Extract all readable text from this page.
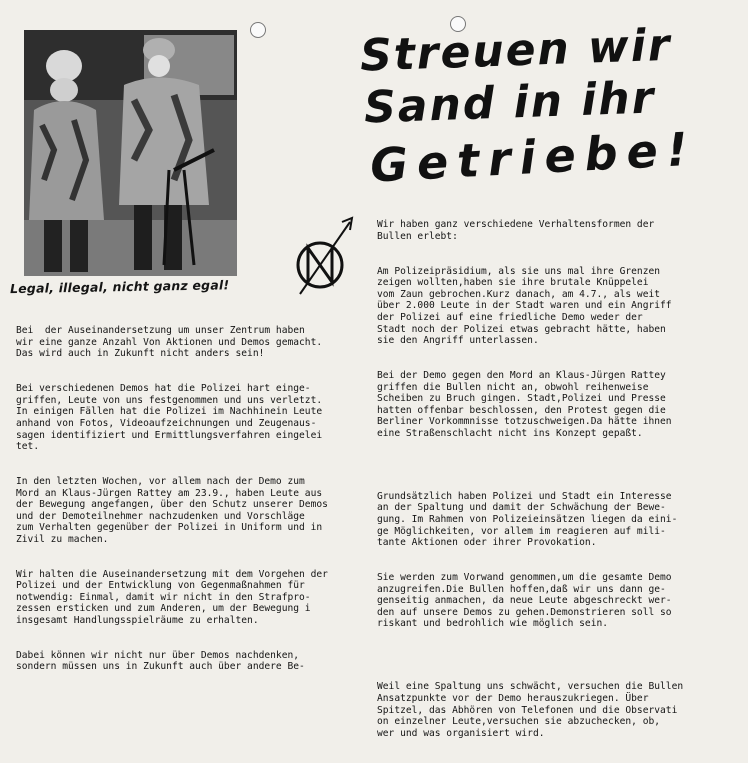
Legal, illegal, nicht ganz egal!
Streuen wir
Sand in ihr
Getriebe!

Bei  der Auseinandersetzung um unser Zentrum haben
wir eine ganze Anzahl Von Aktionen und Demos gemacht.
Das wird auch in Zukunft nicht anders sein!

Bei verschiedenen Demos hat die Polizei hart einge-
griffen, Leute von uns festgenommen und uns verletzt.
In einigen Fällen hat die Polizei im Nachhinein Leute
anhand von Fotos, Videoaufzeichnungen und Zeugenaus-
sagen identifiziert und Ermittlungsverfahren eingelei
tet.

In den letzten Wochen, vor allem nach der Demo zum
Mord an Klaus-Jürgen Rattey am 23.9., haben Leute aus
der Bewegung angefangen, über den Schutz unserer Demos
und der Demoteilnehmer nachzudenken und Vorschläge
zum Verhalten gegenüber der Polizei in Uniform und in
Zivil zu machen.

Wir halten die Auseinandersetzung mit dem Vorgehen der
Polizei und der Entwicklung von Gegenmaßnahmen für
notwendig: Einmal, damit wir nicht in den Strafpro-
zessen ersticken und zum Anderen, um der Bewegung i
insgesamt Handlungsspielräume zu erhalten.

Dabei können wir nicht nur über Demos nachdenken,
sondern müssen uns in Zukunft auch über andere Be-

Wir haben ganz verschiedene Verhaltensformen der
Bullen erlebt:

Am Polizeipräsidium, als sie uns mal ihre Grenzen
zeigen wollten,haben sie ihre brutale Knüppelei
vom Zaun gebrochen.Kurz danach, am 4.7., als weit
über 2.000 Leute in der Stadt waren und ein Angriff
der Polizei auf eine friedliche Demo weder der
Stadt noch der Polizei etwas gebracht hätte, haben
sie den Angriff unterlassen.

Bei der Demo gegen den Mord an Klaus-Jürgen Rattey
griffen die Bullen nicht an, obwohl reihenweise
Scheiben zu Bruch gingen. Stadt,Polizei und Presse
hatten offenbar beschlossen, den Protest gegen die
Berliner Vorkommnisse totzuschweigen.Da hätte ihnen
eine Straßenschlacht nicht ins Konzept gepaßt.

Grundsätzlich haben Polizei und Stadt ein Interesse
an der Spaltung und damit der Schwächung der Bewe-
gung. Im Rahmen von Polizeieinsätzen liegen da eini-
ge Möglichkeiten, vor allem im reagieren auf mili-
tante Aktionen oder ihrer Provokation.

Sie werden zum Vorwand genommen,um die gesamte Demo
anzugreifen.Die Bullen hoffen,daß wir uns dann ge-
genseitig anmachen, da neue Leute abgeschreckt wer-
den auf unsere Demos zu gehen.Demonstrieren soll so
riskant und bedrohlich wie möglich sein.

Weil eine Spaltung uns schwächt, versuchen die Bullen
Ansatzpunkte vor der Demo herauszukriegen. Über
Spitzel, das Abhören von Telefonen und die Observati
on einzelner Leute,versuchen sie abzuchecken, ob,
wer und was organisiert wird.
